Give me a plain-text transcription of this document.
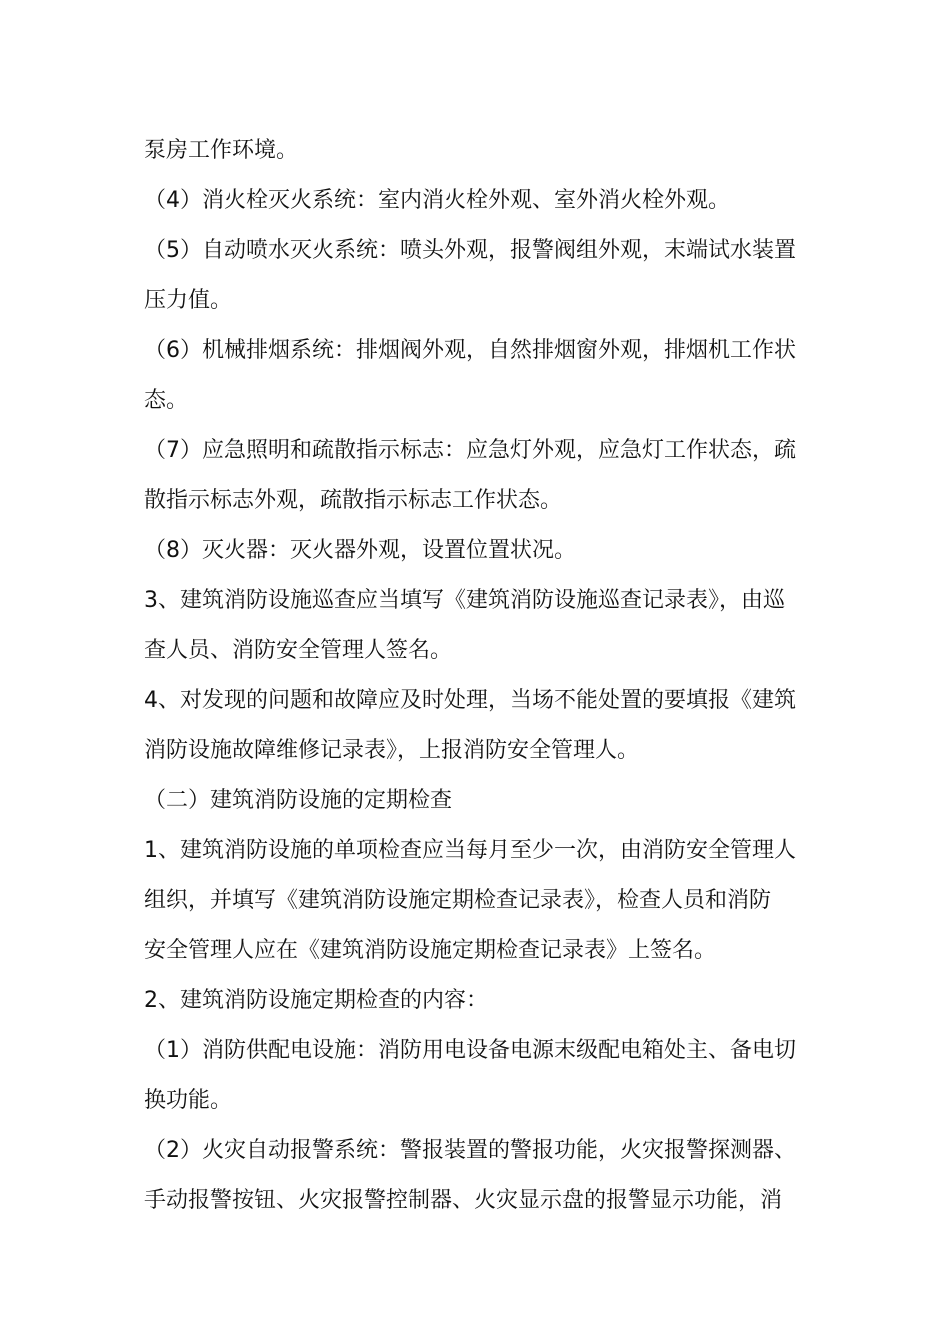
泵房工作环境。
（4）消火栓灭火系统：室内消火栓外观、室外消火栓外观。
（5）自动喷水灭火系统：喷头外观，报警阀组外观，末端试水装置
压力值。
（6）机械排烟系统：排烟阀外观，自然排烟窗外观，排烟机工作状
态。
（7）应急照明和疏散指示标志：应急灯外观，应急灯工作状态，疏
散指示标志外观，疏散指示标志工作状态。
（8）灭火器：灭火器外观，设置位置状况。
3、建筑消防设施巡查应当填写《建筑消防设施巡查记录表》，由巡
查人员、消防安全管理人签名。
4、对发现的问题和故障应及时处理，当场不能处置的要填报《建筑
消防设施故障维修记录表》，上报消防安全管理人。
（二）建筑消防设施的定期检查
1、建筑消防设施的单项检查应当每月至少一次，由消防安全管理人
组织，并填写《建筑消防设施定期检查记录表》，检查人员和消防
安全管理人应在《建筑消防设施定期检查记录表》上签名。
2、建筑消防设施定期检查的内容：
（1）消防供配电设施：消防用电设备电源末级配电箱处主、备电切
换功能。
（2）火灾自动报警系统：警报装置的警报功能，火灾报警探测器、
手动报警按钮、火灾报警控制器、火灾显示盘的报警显示功能，消
